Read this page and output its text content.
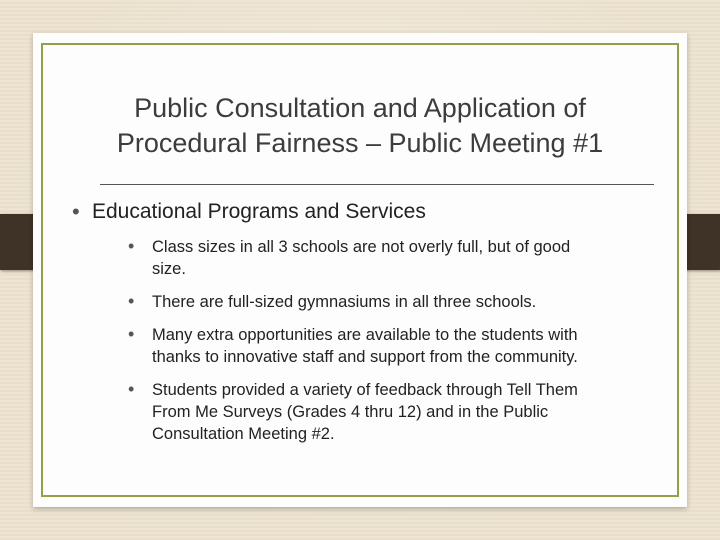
Public Consultation and Application of
Procedural Fairness – Public Meeting #1
• Educational Programs and Services
• Class sizes in all 3 schools are not overly full, but of good size.
• There are full-sized gymnasiums in all three schools.
• Many extra opportunities are available to the students with thanks to innovative staff and support from the community.
• Students provided a variety of feedback through Tell Them From Me Surveys (Grades 4 thru 12) and in the Public Consultation Meeting #2.
